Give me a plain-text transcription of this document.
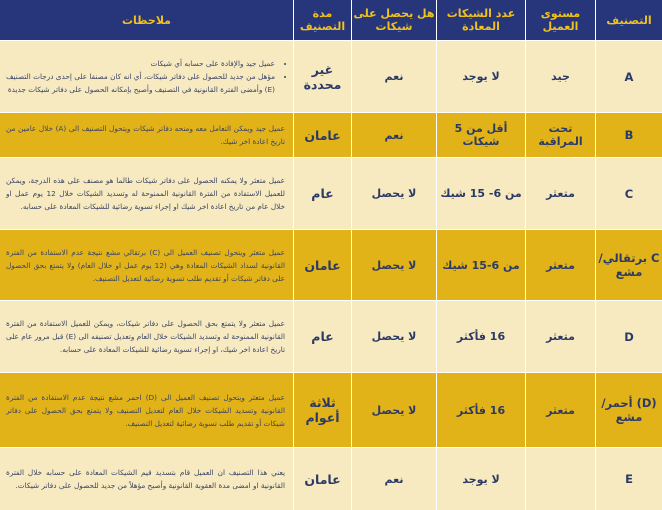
التصنيف
مستوى العميل
عدد الشيكات المعادة
هل يحصل على شيكات
مدة التصنيف
ملاحظات
A
جيد
لا يوجد
نعم
غير محددة
• عميل جيد والإفادة على حسابه أي شيكات
• مؤهل من جديد للحصول على دفاتر شيكات، أي انه كان مصنفا على إحدى درجات التصنيف (E) وأمضى الفترة القانونية في التصنيف وأصبح بإمكانه الحصول على دفاتر شيكات جديدة
B
تحت المراقبة
أقل من 5 شيكات
نعم
عامان
عميل جيد ويمكن التعامل معه ومنحه دفاتر شيكات ويتحول التصنيف الى (A) خلال عامين من تاريخ اعادة اخر شيك.
C
متعثر
من 6- 15 شيك
لا يحصل
عام
عميل متعثر ولا يمكنه الحصول على دفاتر شيكات طالما هو مصنف على هذه الدرجة، ويمكن للعميل الاستفادة من الفترة القانونية الممنوحة له وتسديد الشيكات خلال 12 يوم عمل او خلال عام من تاريخ اعادة اخر شيك او إجراء تسوية رضائية للشيكات المعادة على حسابه.
C برتقالي/ مشع
متعثر
من 6-15 شيك
لا يحصل
عامان
عميل متعثر ويتحول تصنيف العميل الى (C) برتقالي مشع نتيجة عدم الاستفادة من الفترة القانونية لسداد الشيكات المعادة وهي (12 يوم عمل او خلال العام) ولا يتمتع بحق الحصول على دفاتر شيكات أو تقديم طلب تسوية رضائية لتعديل التصنيف.
D
متعثر
16 فأكثر
لا يحصل
عام
عميل متعثر ولا يتمتع بحق الحصول على دفاتر شيكات، ويمكن للعميل الاستفادة من الفترة القانونية الممنوحة له وتسديد الشيكات خلال العام وتعديل تصنيفه الى (E) قبل مرور عام على تاريخ اعادة اخر شيك، او إجراء تسوية رضائية للشيكات المعادة على حسابه.
(D) أحمر/ مشع
متعثر
16 فأكثر
لا يحصل
ثلاثة أعوام
عميل متعثر ويتحول تصنيف العميل الى (D) احمر مشع نتيجة عدم الاستفادة من الفترة القانونية وتسديد الشيكات خلال العام لتعديل التصنيف ولا يتمتع بحق الحصول على دفاتر شيكات أو تقديم طلب تسوية رضائية لتعديل التصنيف.
E
لا يوجد
نعم
عامان
يعني هذا التصنيف ان العميل قام بتسديد قيم الشيكات المعادة على حسابه خلال الفترة القانونية او امضى مدة العقوبة القانونية وأصبح مؤهلاً من جديد للحصول على دفاتر شيكات.
